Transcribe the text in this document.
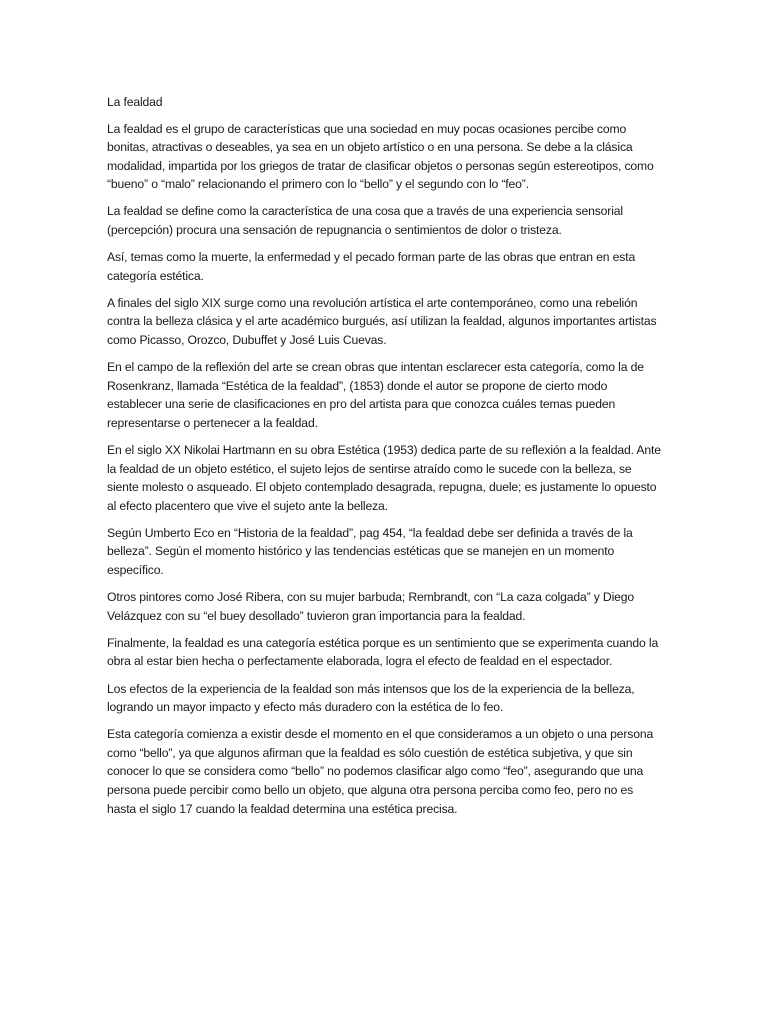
La fealdad

La fealdad es el grupo de características que una sociedad en muy pocas ocasiones percibe como bonitas, atractivas o deseables, ya sea en un objeto artístico o en una persona. Se debe a la clásica modalidad, impartida por los griegos de tratar de clasificar objetos o personas según estereotipos, como “bueno” o “malo” relacionando el primero con lo “bello” y el segundo con lo “feo”.

La fealdad se define como la característica de una cosa que a través de una experiencia sensorial (percepción) procura una sensación de repugnancia o sentimientos de dolor o tristeza.

Así, temas como la muerte, la enfermedad y el pecado forman parte de las obras que entran en esta categoría estética.

A finales del siglo XIX surge como una revolución artística el arte contemporáneo, como una rebelión contra la belleza clásica y el arte académico burgués, así utilizan la fealdad, algunos importantes artistas como Picasso, Orozco, Dubuffet y José Luis Cuevas.

En el campo de la reflexión del arte se crean obras que intentan esclarecer esta categoría, como la de Rosenkranz, llamada “Estética de la fealdad”, (1853) donde el autor se propone de cierto modo establecer una serie de clasificaciones en pro del artista para que conozca cuáles temas pueden representarse o pertenecer a la fealdad.

En el siglo XX Nikolai Hartmann en su obra Estética (1953) dedica parte de su reflexión a la fealdad. Ante la fealdad de un objeto estético, el sujeto lejos de sentirse atraído como le sucede con la belleza, se siente molesto o asqueado. El objeto contemplado desagrada, repugna, duele; es justamente lo opuesto al efecto placentero que vive el sujeto ante la belleza.

Según Umberto Eco en “Historia de la fealdad”, pag 454, “la fealdad debe ser definida a través de la belleza”. Según el momento histórico y las tendencias estéticas que se manejen en un momento específico.

Otros pintores como José Ribera, con su mujer barbuda; Rembrandt, con “La caza colgada” y Diego Velázquez con su “el buey desollado” tuvieron gran importancia para la fealdad.

Finalmente, la fealdad es una categoría estética porque es un sentimiento que se experimenta cuando la obra al estar bien hecha o perfectamente elaborada, logra el efecto de fealdad en el espectador.

Los efectos de la experiencia de la fealdad son más intensos que los de la experiencia de la belleza, logrando un mayor impacto y efecto más duradero con la estética de lo feo.

Esta categoría comienza a existir desde el momento en el que consideramos a un objeto o una persona como “bello”, ya que algunos afirman que la fealdad es sólo cuestión de estética subjetiva, y que sin conocer lo que se considera como “bello” no podemos clasificar algo como “feo”, asegurando que una persona puede percibir como bello un objeto, que alguna otra persona perciba como feo, pero no es hasta el siglo 17 cuando la fealdad determina una estética precisa.
